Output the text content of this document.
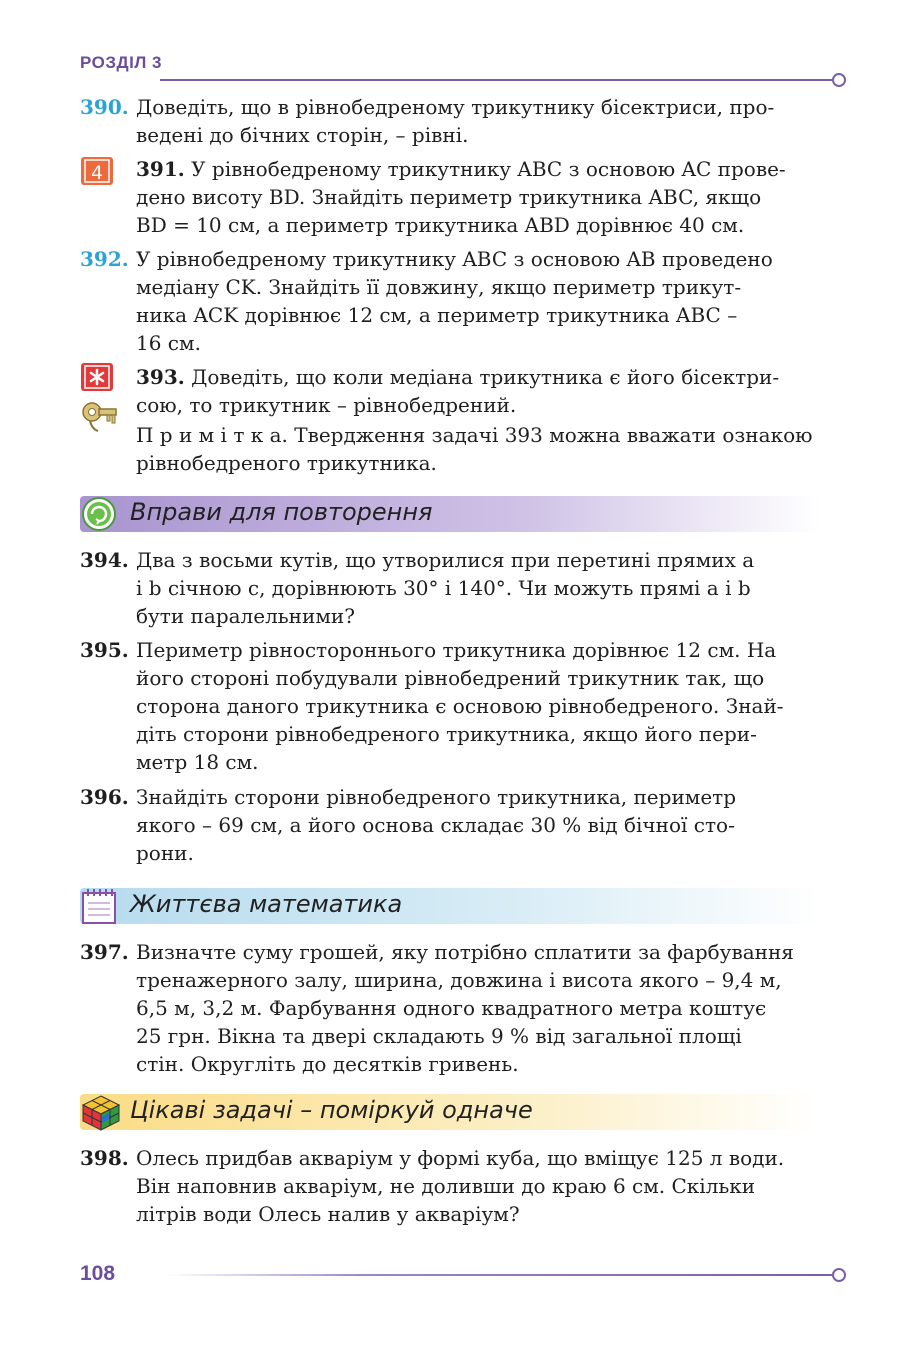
РОЗДІЛ 3
390. Доведіть, що в рівнобедреному трикутнику бісектриси, про-

ведені до бічних сторін, – рівні.

4 391. У рівнобедреному трикутнику ABC з основою AC прове-

дено висоту BD. Знайдіть периметр трикутника ABC, якщо

BD = 10 см, а периметр трикутника ABD дорівнює 40 см.

392. У рівнобедреному трикутнику ABC з основою AB проведено

медіану CK. Знайдіть її довжину, якщо периметр трикут-

ника ACK дорівнює 12 см, а периметр трикутника ABC –

16 см.

393. Доведіть, що коли медіана трикутника є його бісектри-

сою, то трикутник – рівнобедрений.

П р и м і т к а. Твердження задачі 393 можна вважати ознакою

рівнобедреного трикутника.

Вправи для повторення
394. Два з восьми кутів, що утворилися при перетині прямих a

і b січною c, дорівнюють 30° і 140°. Чи можуть прямі a і b

бути паралельними?

395. Периметр рівностороннього трикутника дорівнює 12 см. На

його стороні побудували рівнобедрений трикутник так, що

сторона даного трикутника є основою рівнобедреного. Знай-

діть сторони рівнобедреного трикутника, якщо його пери-

метр 18 см.

396. Знайдіть сторони рівнобедреного трикутника, периметр

якого – 69 см, а його основа складає 30 % від бічної сто-

рони.

Життєва математика
397. Визначте суму грошей, яку потрібно сплатити за фарбування

тренажерного залу, ширина, довжина і висота якого – 9,4 м,

6,5 м, 3,2 м. Фарбування одного квадратного метра коштує

25 грн. Вікна та двері складають 9 % від загальної площі

стін. Округліть до десятків гривень.

Цікаві задачі – поміркуй одначе
398. Олесь придбав акваріум у формі куба, що вміщує 125 л води.

Він наповнив акваріум, не доливши до краю 6 см. Скільки

літрів води Олесь налив у акваріум?

108
